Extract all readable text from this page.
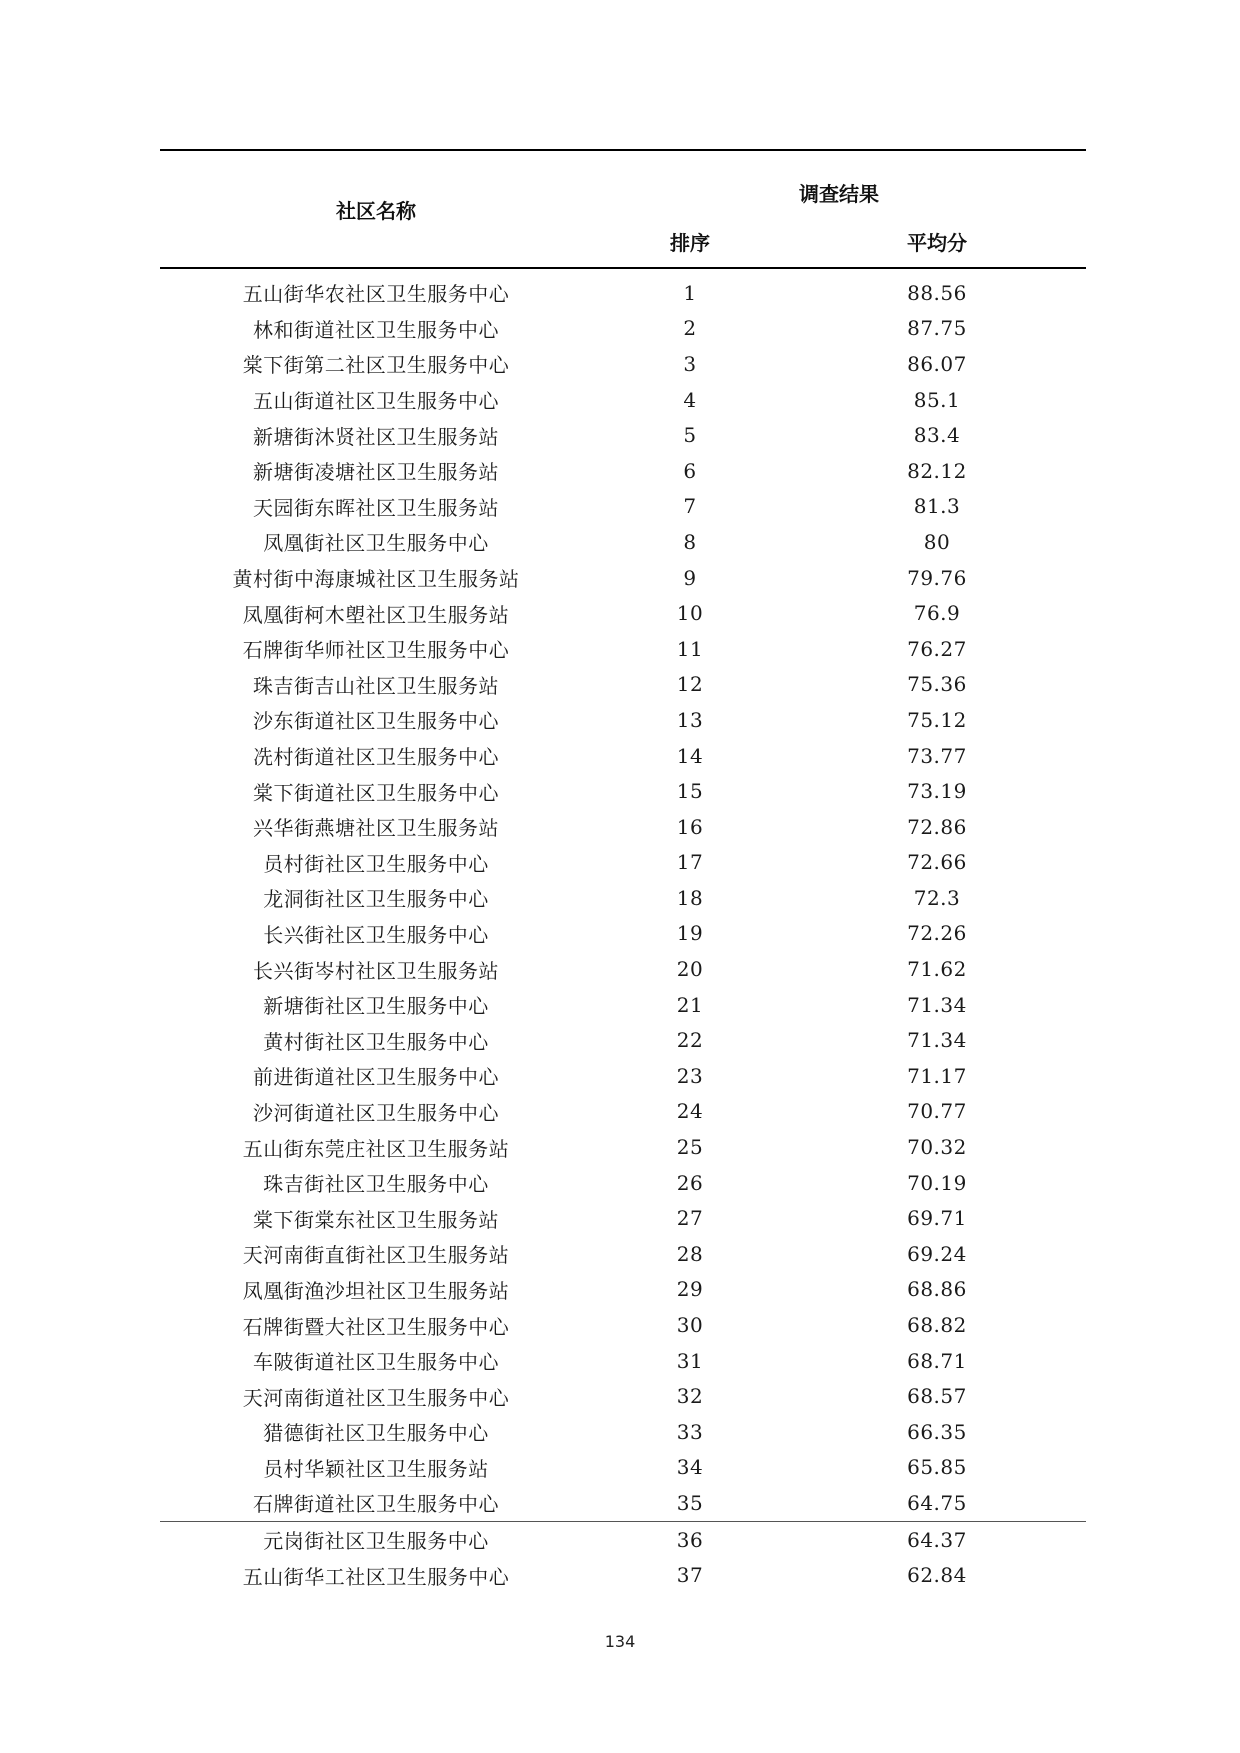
社区名称	调查结果	
	排序	平均分
五山街华农社区卫生服务中心	1	88.56
林和街道社区卫生服务中心	2	87.75
棠下街第二社区卫生服务中心	3	86.07
五山街道社区卫生服务中心	4	85.1
新塘街沐贤社区卫生服务站	5	83.4
新塘街凌塘社区卫生服务站	6	82.12
天园街东晖社区卫生服务站	7	81.3
凤凰街社区卫生服务中心	8	80
黄村街中海康城社区卫生服务站	9	79.76
凤凰街柯木塱社区卫生服务站	10	76.9
石牌街华师社区卫生服务中心	11	76.27
珠吉街吉山社区卫生服务站	12	75.36
沙东街道社区卫生服务中心	13	75.12
冼村街道社区卫生服务中心	14	73.77
棠下街道社区卫生服务中心	15	73.19
兴华街燕塘社区卫生服务站	16	72.86
员村街社区卫生服务中心	17	72.66
龙洞街社区卫生服务中心	18	72.3
长兴街社区卫生服务中心	19	72.26
长兴街岑村社区卫生服务站	20	71.62
新塘街社区卫生服务中心	21	71.34
黄村街社区卫生服务中心	22	71.34
前进街道社区卫生服务中心	23	71.17
沙河街道社区卫生服务中心	24	70.77
五山街东莞庄社区卫生服务站	25	70.32
珠吉街社区卫生服务中心	26	70.19
棠下街棠东社区卫生服务站	27	69.71
天河南街直街社区卫生服务站	28	69.24
凤凰街渔沙坦社区卫生服务站	29	68.86
石牌街暨大社区卫生服务中心	30	68.82
车陂街道社区卫生服务中心	31	68.71
天河南街道社区卫生服务中心	32	68.57
猎德街社区卫生服务中心	33	66.35
员村华颖社区卫生服务站	34	65.85
石牌街道社区卫生服务中心	35	64.75
元岗街社区卫生服务中心	36	64.37
五山街华工社区卫生服务中心	37	62.84
134
